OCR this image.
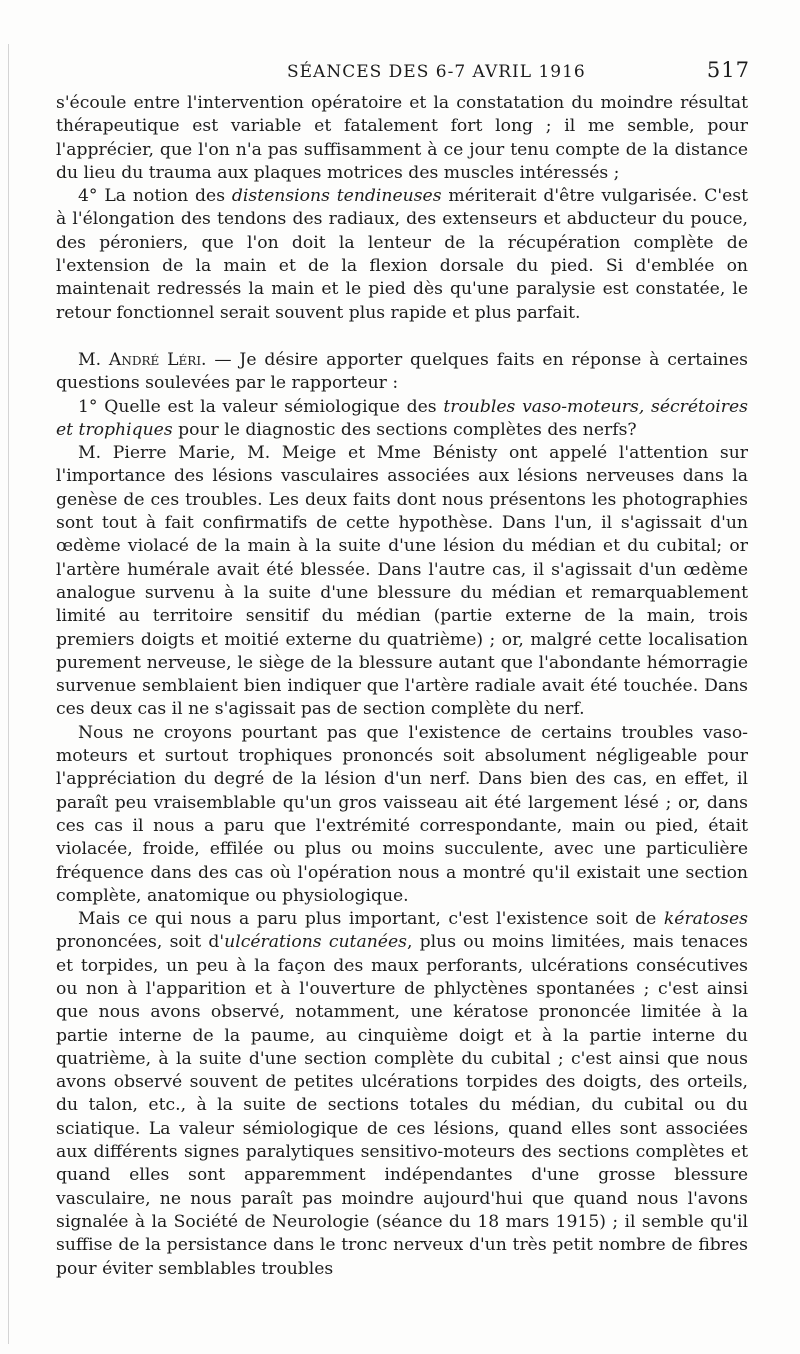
SÉANCES DES 6-7 AVRIL 1916	517

s'écoule entre l'intervention opératoire et la constatation du moindre résultat thérapeutique est variable et fatalement fort long ; il me semble, pour l'apprécier, que l'on n'a pas suffisamment à ce jour tenu compte de la distance du lieu du trauma aux plaques motrices des muscles intéressés ;

4° La notion des distensions tendineuses mériterait d'être vulgarisée. C'est à l'élongation des tendons des radiaux, des extenseurs et abducteur du pouce, des péroniers, que l'on doit la lenteur de la récupération complète de l'extension de la main et de la flexion dorsale du pied. Si d'emblée on maintenait redressés la main et le pied dès qu'une paralysie est constatée, le retour fonctionnel serait souvent plus rapide et plus parfait.

M. André Léri. — Je désire apporter quelques faits en réponse à certaines questions soulevées par le rapporteur :

1° Quelle est la valeur sémiologique des troubles vaso-moteurs, sécrétoires et trophiques pour le diagnostic des sections complètes des nerfs?

M. Pierre Marie, M. Meige et Mme Bénisty ont appelé l'attention sur l'importance des lésions vasculaires associées aux lésions nerveuses dans la genèse de ces troubles. Les deux faits dont nous présentons les photographies sont tout à fait confirmatifs de cette hypothèse. Dans l'un, il s'agissait d'un œdème violacé de la main à la suite d'une lésion du médian et du cubital; or l'artère humérale avait été blessée. Dans l'autre cas, il s'agissait d'un œdème analogue survenu à la suite d'une blessure du médian et remarquablement limité au territoire sensitif du médian (partie externe de la main, trois premiers doigts et moitié externe du quatrième) ; or, malgré cette localisation purement nerveuse, le siège de la blessure autant que l'abondante hémorragie survenue semblaient bien indiquer que l'artère radiale avait été touchée. Dans ces deux cas il ne s'agissait pas de section complète du nerf.

Nous ne croyons pourtant pas que l'existence de certains troubles vaso-moteurs et surtout trophiques prononcés soit absolument négligeable pour l'appréciation du degré de la lésion d'un nerf. Dans bien des cas, en effet, il paraît peu vraisemblable qu'un gros vaisseau ait été largement lésé ; or, dans ces cas il nous a paru que l'extrémité correspondante, main ou pied, était violacée, froide, effilée ou plus ou moins succulente, avec une particulière fréquence dans des cas où l'opération nous a montré qu'il existait une section complète, anatomique ou physiologique.

Mais ce qui nous a paru plus important, c'est l'existence soit de kératoses prononcées, soit d'ulcérations cutanées, plus ou moins limitées, mais tenaces et torpides, un peu à la façon des maux perforants, ulcérations consécutives ou non à l'apparition et à l'ouverture de phlyctènes spontanées ; c'est ainsi que nous avons observé, notamment, une kératose prononcée limitée à la partie interne de la paume, au cinquième doigt et à la partie interne du quatrième, à la suite d'une section complète du cubital ; c'est ainsi que nous avons observé souvent de petites ulcérations torpides des doigts, des orteils, du talon, etc., à la suite de sections totales du médian, du cubital ou du sciatique. La valeur sémiologique de ces lésions, quand elles sont associées aux différents signes paralytiques sensitivo-moteurs des sections complètes et quand elles sont apparemment indépendantes d'une grosse blessure vasculaire, ne nous paraît pas moindre aujourd'hui que quand nous l'avons signalée à la Société de Neurologie (séance du 18 mars 1915) ; il semble qu'il suffise de la persistance dans le tronc nerveux d'un très petit nombre de fibres pour éviter semblables troubles
